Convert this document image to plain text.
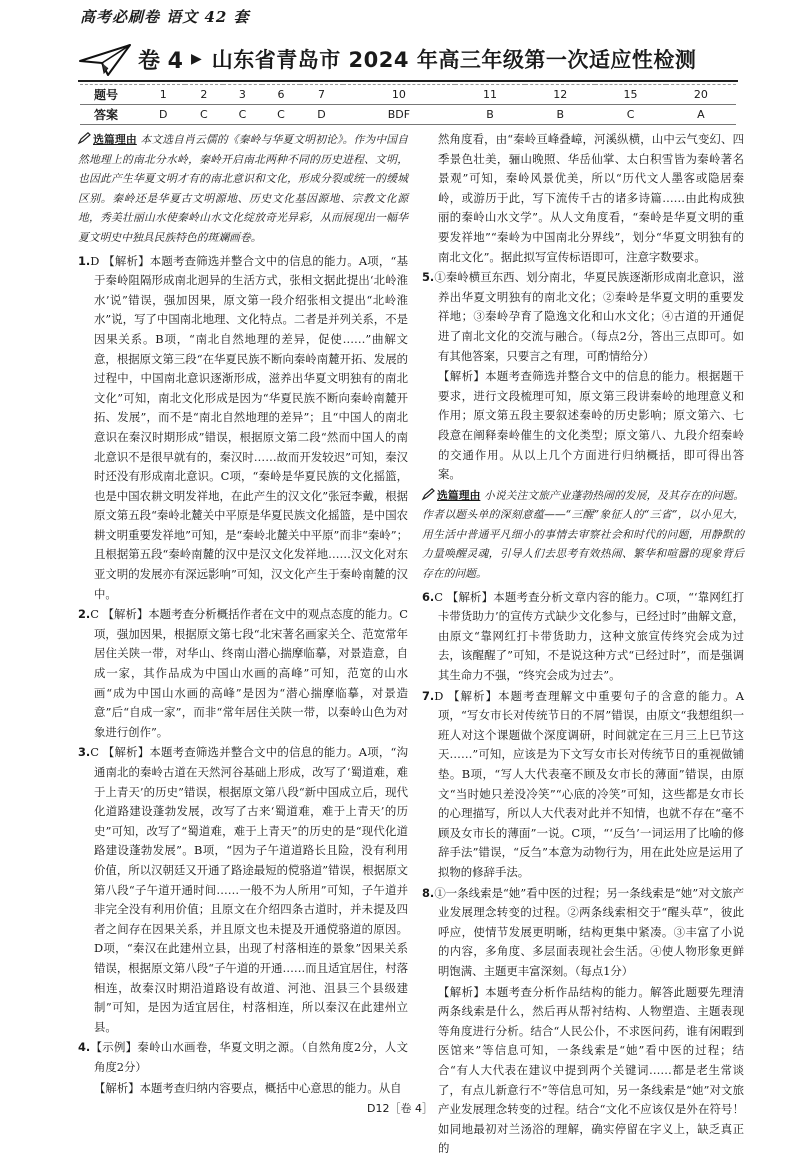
高考必刷卷 语文 42 套
卷 4 ▶ 山东省青岛市 2024 年高三年级第一次适应性检测
题号	1	2	3	6	7	10	11	12	15	20
答案	D	C	C	C	D	BDF	B	B	C	A
选篇理由 本文选自肖云儒的《秦岭与华夏文明初论》。作为中国自然地理上的南北分水岭，秦岭开启南北两种不同的历史进程、文明，也因此产生华夏文明才有的南北意识和文化，形成分裂或统一的缓城区别。秦岭还是华夏古文明源地、历史文化基因源地、宗教文化源地，秀美壮丽山水使秦岭山水文化绽放奇光异彩，从而展现出一幅华夏文明史中独具民族特色的斑斓画卷。
1.D 【解析】本题考查筛选并整合文中的信息的能力。A项，“基于秦岭阻隔形成南北迥异的生活方式，张相文据此提出‘北岭淮水’说”错误，强加因果，原文第一段介绍张相文提出“北岭淮水”说，写了中国南北地理、文化特点。二者是并列关系，不是因果关系。B项，“南北自然地理的差异，促使……”曲解文意，根据原文第三段“在华夏民族不断向秦岭南麓开拓、发展的过程中，中国南北意识逐渐形成，滋养出华夏文明独有的南北文化”可知，南北文化形成是因为“华夏民族不断向秦岭南麓开拓、发展”，而不是“南北自然地理的差异”；且“中国人的南北意识在秦汉时期形成”错误，根据原文第二段“然而中国人的南北意识不是很早就有的，秦汉时……故而开发较迟”可知，秦汉时还没有形成南北意识。C项，“秦岭是华夏民族的文化摇篮，也是中国农耕文明发祥地，在此产生的汉文化”张冠李戴，根据原文第五段“秦岭北麓关中平原是华夏民族文化摇篮，是中国农耕文明重要发祥地”可知，是“秦岭北麓关中平原”而非“秦岭”；且根据第五段“秦岭南麓的汉中是汉文化发祥地……汉文化对东亚文明的发展亦有深远影响”可知，汉文化产生于秦岭南麓的汉中。
2.C 【解析】本题考查分析概括作者在文中的观点态度的能力。C项，强加因果，根据原文第七段“北宋著名画家关仝、范宽常年居住关陕一带，对华山、终南山潜心揣摩临摹，对景造意，自成一家，其作品成为中国山水画的高峰”可知，范宽的山水画“成为中国山水画的高峰”是因为“潜心揣摩临摹，对景造意”后“自成一家”，而非“常年居住关陕一带，以秦岭山色为对象进行创作”。
3.C 【解析】本题考查筛选并整合文中的信息的能力。A项，“沟通南北的秦岭古道在天然河谷基础上形成，改写了‘蜀道难，难于上青天’的历史”错误，根据原文第八段“新中国成立后，现代化道路建设蓬勃发展，改写了古来‘蜀道难，难于上青天’的历史”可知，改写了“蜀道难，难于上青天”的历史的是“现代化道路建设蓬勃发展”。B项，“因为子午道道路长且险，没有利用价值，所以汉朝廷又开通了路途最短的傥骆道”错误，根据原文第八段“子午道开通时间……一般不为人所用”可知，子午道并非完全没有利用价值；且原文在介绍四条古道时，并未提及四者之间存在因果关系，并且原文也未提及开通傥骆道的原因。D项，“秦汉在此建州立县，出现了村落相连的景象”因果关系错误，根据原文第八段“子午道的开通……而且适宜居住，村落相连，故秦汉时期沿道路设有故道、河池、沮县三个县级建制”可知，是因为适宜居住，村落相连，所以秦汉在此建州立县。
4.【示例】秦岭山水画卷，华夏文明之源。（自然角度2分，人文角度2分）
【解析】本题考查归纳内容要点，概括中心意思的能力。从自
然角度看，由“秦岭亘峰叠嶂，河溪纵横，山中云气变幻、四季景色壮美，骊山晚照、华岳仙掌、太白积雪皆为秦岭著名景观”可知，秦岭风景优美，所以“历代文人墨客或隐居秦岭，或游历于此，写下流传千古的诸多诗篇……由此构成独丽的秦岭山水文学”。从人文角度看，“秦岭是华夏文明的重要发祥地”“秦岭为中国南北分界线”，划分“华夏文明独有的南北文化”。据此拟写宣传标语即可，注意字数要求。
5.①秦岭横亘东西、划分南北，华夏民族逐渐形成南北意识，滋养出华夏文明独有的南北文化；②秦岭是华夏文明的重要发祥地；③秦岭孕育了隐逸文化和山水文化；④古道的开通促进了南北文化的交流与融合。（每点2分，答出三点即可。如有其他答案，只要言之有理，可酌情给分）
【解析】本题考查筛选并整合文中的信息的能力。根据题干要求，进行文段梳理可知，原文第三段讲秦岭的地理意义和作用；原文第五段主要叙述秦岭的历史影响；原文第六、七段意在阐释秦岭催生的文化类型；原文第八、九段介绍秦岭的交通作用。从以上几个方面进行归纳概括，即可得出答案。
选篇理由 小说关注文旅产业蓬勃热闹的发展，及其存在的问题。作者以题头单的深刻意蕴——“三醒”象征人的“三省”，以小见大，用生活中普通平凡细小的事情去审察社会和时代的问题，用静默的力量唤醒灵魂，引导人们去思考有效热闹、繁华和喧嚣的现象背后存在的问题。
6.C 【解析】本题考查分析文章内容的能力。C项，“‘靠网红打卡带货助力’的宣传方式缺少文化参与，已经过时”曲解文意，由原文“靠网红打卡带货助力，这种文旅宣传终究会成为过去，该醒醒了”可知，不是说这种方式“已经过时”，而是强调其生命力不强，“终究会成为过去”。
7.D 【解析】本题考查理解文中重要句子的含意的能力。A项，“写女市长对传统节日的不屑”错误，由原文“我想组织一班人对这个课题做个深度调研，时间就定在三月三上巳节这天……”可知，应该是为下文写女市长对传统节日的重视做铺垫。B项，“写人大代表毫不顾及女市长的薄面”错误，由原文“当时她只差没冷笑”“心底的冷笑”可知，这些都是女市长的心理描写，所以人大代表对此并不知情，也就不存在“毫不顾及女市长的薄面”一说。C项，“‘反刍’一词运用了比喻的修辞手法”错误，“反刍”本意为动物行为，用在此处应是运用了拟物的修辞手法。
8.①一条线索是“她”看中医的过程；另一条线索是“她”对文旅产业发展理念转变的过程。②两条线索相交于“醒头草”，彼此呼应，使情节发展更明晰，结构更集中紧凑。③丰富了小说的内容，多角度、多层面表现社会生活。④使人物形象更鲜明饱满、主题更丰富深刻。（每点1分）
【解析】本题考查分析作品结构的能力。解答此题要先理清两条线索是什么，然后再从帮衬结构、人物塑造、主题表现等角度进行分析。结合“人民公仆，不求医问药，谁有闲暇到医馆来”等信息可知，一条线索是“她”看中医的过程；结合“有人大代表在建议中提到两个关键词……都是老生常谈了，有点儿新意行不”等信息可知，另一条线索是“她”对文旅产业发展理念转变的过程。结合“文化不应该仅是外在符号！如同地最初对兰汤浴的理解，确实停留在字义上，缺乏真正的
D12［卷 4］
